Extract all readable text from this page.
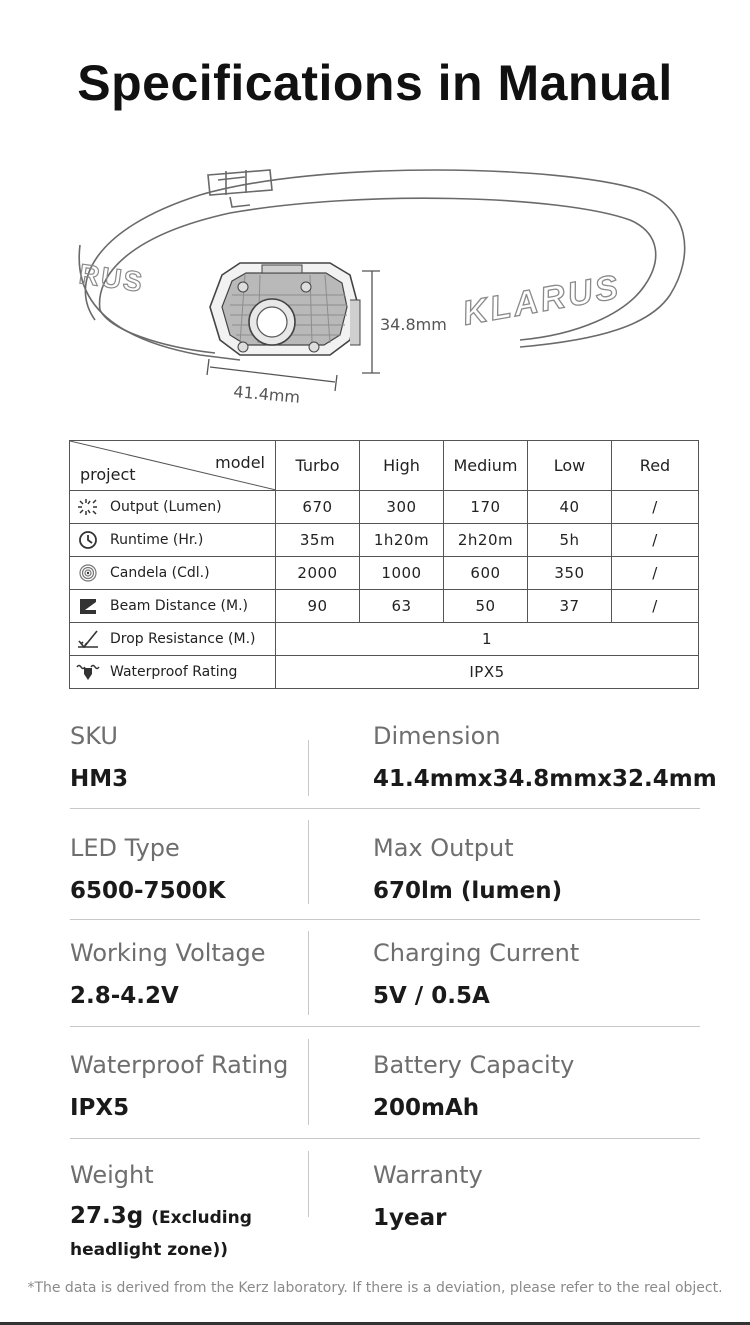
Specifications in Manual
RUS	KLARUS
34.8mm
41.4mm
model
project	Turbo	High	Medium	Low	Red

Output (Lumen)	670	300	170	40	/

Runtime (Hr.)	35m	1h20m	2h20m	5h	/

Candela (Cdl.)	2000	1000	600	350	/

Beam Distance (M.)	90	63	50	37	/

Drop Resistance (M.)	1				

Waterproof Rating	IPX5				
SKU
HM3
Dimension
41.4mmx34.8mmx32.4mm
LED Type
6500-7500K
Max Output
670lm (lumen)
Working Voltage
2.8-4.2V
Charging Current
5V / 0.5A
Waterproof Rating
IPX5
Battery Capacity
200mAh
Weight
27.3g (Excluding headlight zone))
Warranty
1year
*The data is derived from the Kerz laboratory. If there is a deviation, please refer to the real object.
